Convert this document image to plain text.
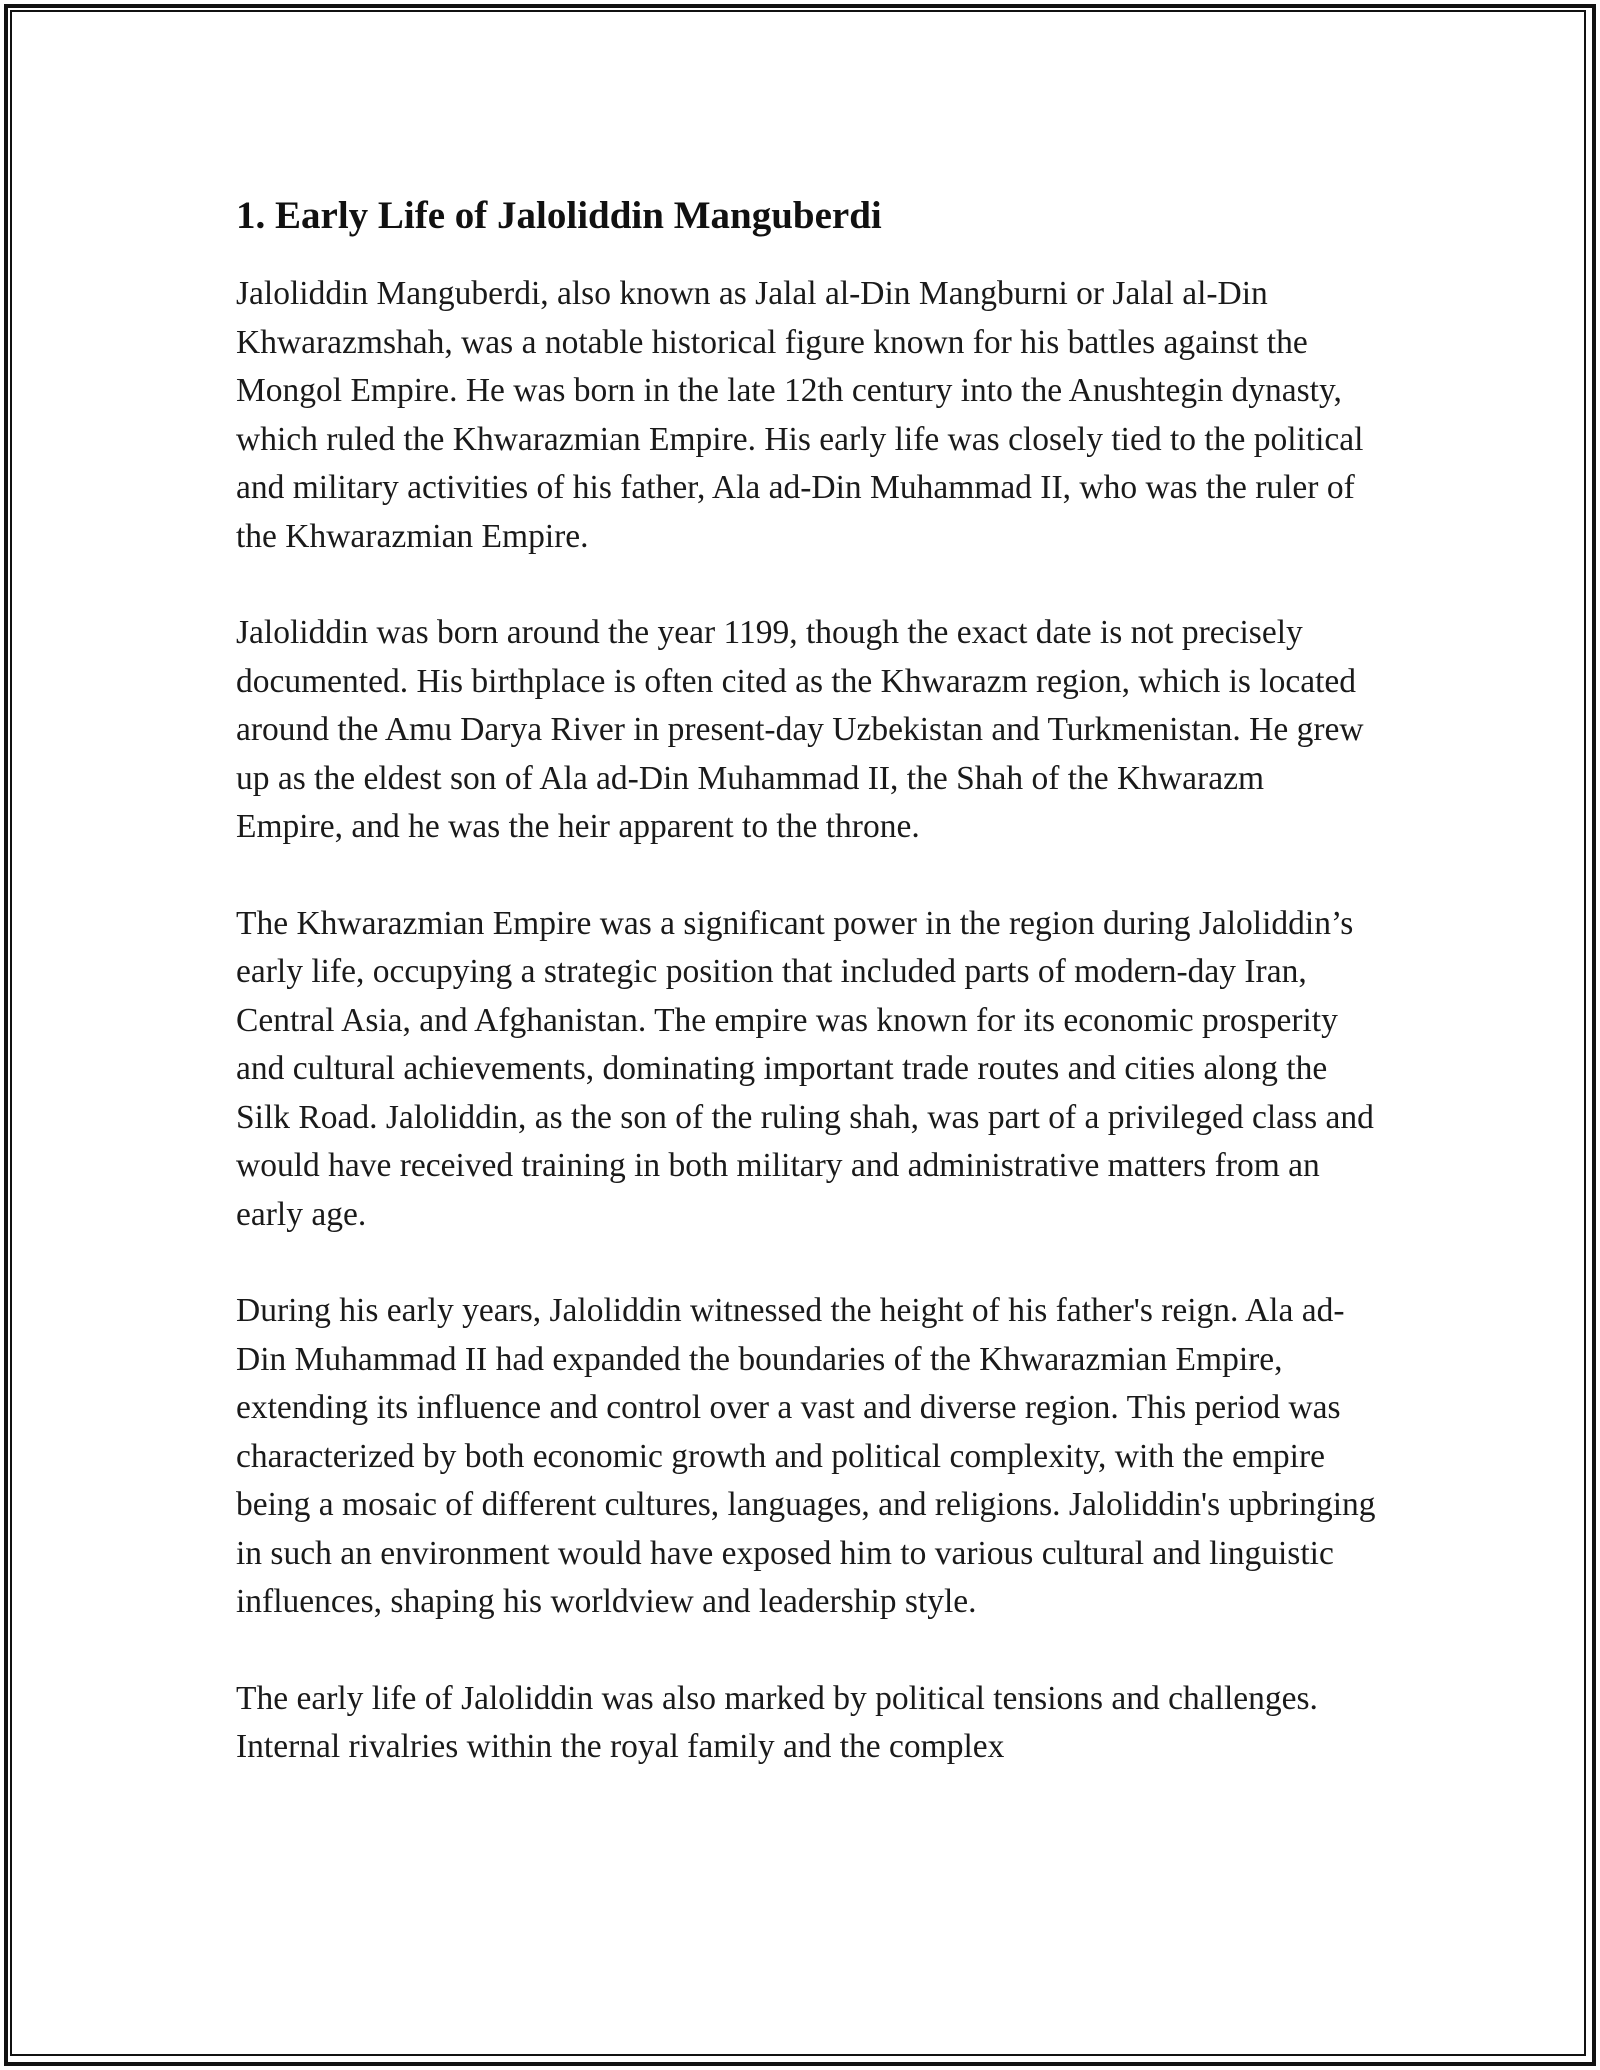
1. Early Life of Jaloliddin Manguberdi

Jaloliddin Manguberdi, also known as Jalal al-Din Mangburni or Jalal al-Din Khwarazmshah, was a notable historical figure known for his battles against the Mongol Empire. He was born in the late 12th century into the Anushtegin dynasty, which ruled the Khwarazmian Empire. His early life was closely tied to the political and military activities of his father, Ala ad-Din Muhammad II, who was the ruler of the Khwarazmian Empire.

Jaloliddin was born around the year 1199, though the exact date is not precisely documented. His birthplace is often cited as the Khwarazm region, which is located around the Amu Darya River in present-day Uzbekistan and Turkmenistan. He grew up as the eldest son of Ala ad-Din Muhammad II, the Shah of the Khwarazm Empire, and he was the heir apparent to the throne.

The Khwarazmian Empire was a significant power in the region during Jaloliddin’s early life, occupying a strategic position that included parts of modern-day Iran, Central Asia, and Afghanistan. The empire was known for its economic prosperity and cultural achievements, dominating important trade routes and cities along the Silk Road. Jaloliddin, as the son of the ruling shah, was part of a privileged class and would have received training in both military and administrative matters from an early age.

During his early years, Jaloliddin witnessed the height of his father's reign. Ala ad-Din Muhammad II had expanded the boundaries of the Khwarazmian Empire, extending its influence and control over a vast and diverse region. This period was characterized by both economic growth and political complexity, with the empire being a mosaic of different cultures, languages, and religions. Jaloliddin's upbringing in such an environment would have exposed him to various cultural and linguistic influences, shaping his worldview and leadership style.

The early life of Jaloliddin was also marked by political tensions and challenges. Internal rivalries within the royal family and the complex
